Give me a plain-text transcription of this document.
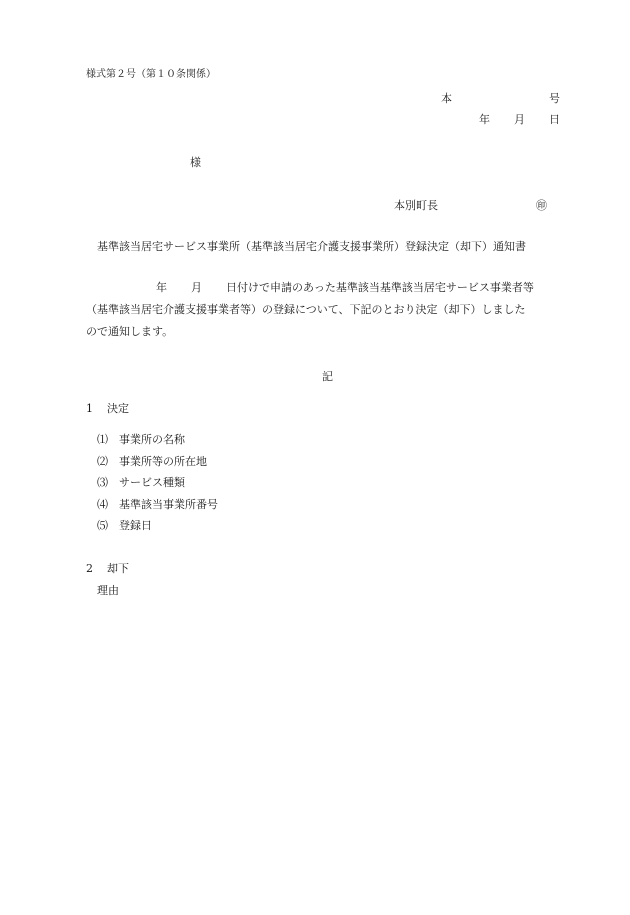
様式第２号（第１０条関係）
本	号
年 月 日
様
本別町長	㊞
基準該当居宅サービス事業所（基準該当居宅介護支援事業所）登録決定（却下）通知書
年 月 日付けで申請のあった基準該当基準該当居宅サービス事業者等
（基準該当居宅介護支援事業者等）の登録について、下記のとおり決定（却下）しました
ので通知します。
記
1 決定
⑴ 事業所の名称
⑵ 事業所等の所在地
⑶ サービス種類
⑷ 基準該当事業所番号
⑸ 登録日
2 却下
理由
